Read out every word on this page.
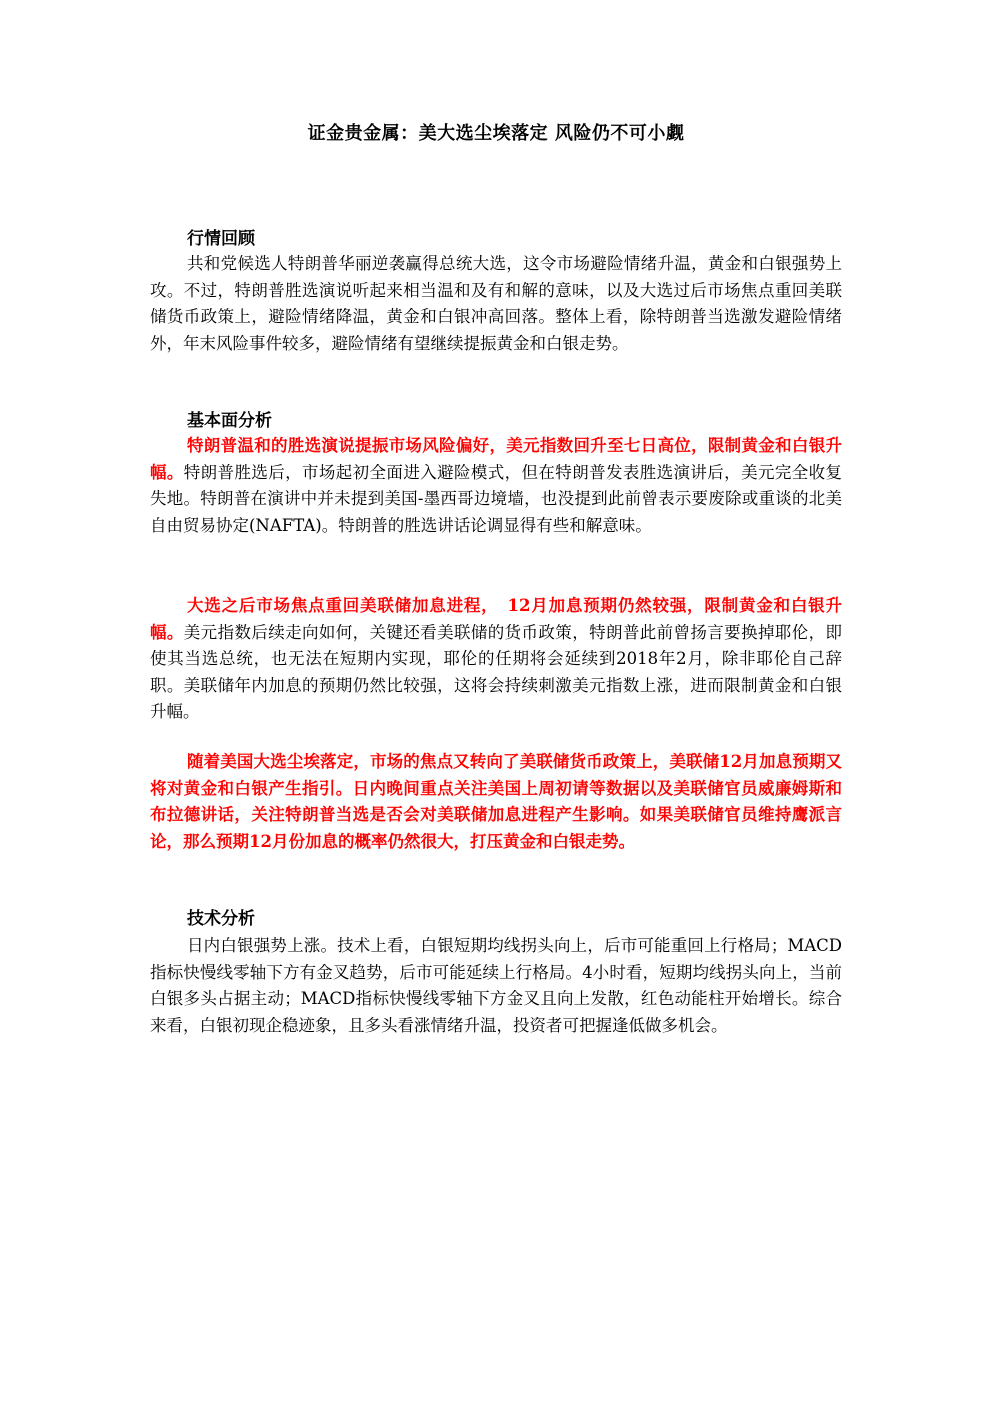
证金贵金属：美大选尘埃落定 风险仍不可小觑
行情回顾
共和党候选人特朗普华丽逆袭赢得总统大选，这令市场避险情绪升温，黄金和白银强势上攻。不过，特朗普胜选演说听起来相当温和及有和解的意味，以及大选过后市场焦点重回美联储货币政策上，避险情绪降温，黄金和白银冲高回落。整体上看，除特朗普当选激发避险情绪外，年末风险事件较多，避险情绪有望继续提振黄金和白银走势。
基本面分析
特朗普温和的胜选演说提振市场风险偏好，美元指数回升至七日高位，限制黄金和白银升幅。特朗普胜选后，市场起初全面进入避险模式，但在特朗普发表胜选演讲后，美元完全收复失地。特朗普在演讲中并未提到美国-墨西哥边境墙，也没提到此前曾表示要废除或重谈的北美自由贸易协定(NAFTA)。特朗普的胜选讲话论调显得有些和解意味。
大选之后市场焦点重回美联储加息进程，　12月加息预期仍然较强，限制黄金和白银升幅。美元指数后续走向如何，关键还看美联储的货币政策，特朗普此前曾扬言要换掉耶伦，即使其当选总统，也无法在短期内实现，耶伦的任期将会延续到2018年2月，除非耶伦自己辞职。美联储年内加息的预期仍然比较强，这将会持续刺激美元指数上涨，进而限制黄金和白银升幅。
随着美国大选尘埃落定，市场的焦点又转向了美联储货币政策上，美联储12月加息预期又将对黄金和白银产生指引。日内晚间重点关注美国上周初请等数据以及美联储官员威廉姆斯和布拉德讲话，关注特朗普当选是否会对美联储加息进程产生影响。如果美联储官员维持鹰派言论，那么预期12月份加息的概率仍然很大，打压黄金和白银走势。
技术分析
日内白银强势上涨。技术上看，白银短期均线拐头向上，后市可能重回上行格局；MACD指标快慢线零轴下方有金叉趋势，后市可能延续上行格局。4小时看，短期均线拐头向上，当前白银多头占据主动；MACD指标快慢线零轴下方金叉且向上发散，红色动能柱开始增长。综合来看，白银初现企稳迹象，且多头看涨情绪升温，投资者可把握逢低做多机会。
